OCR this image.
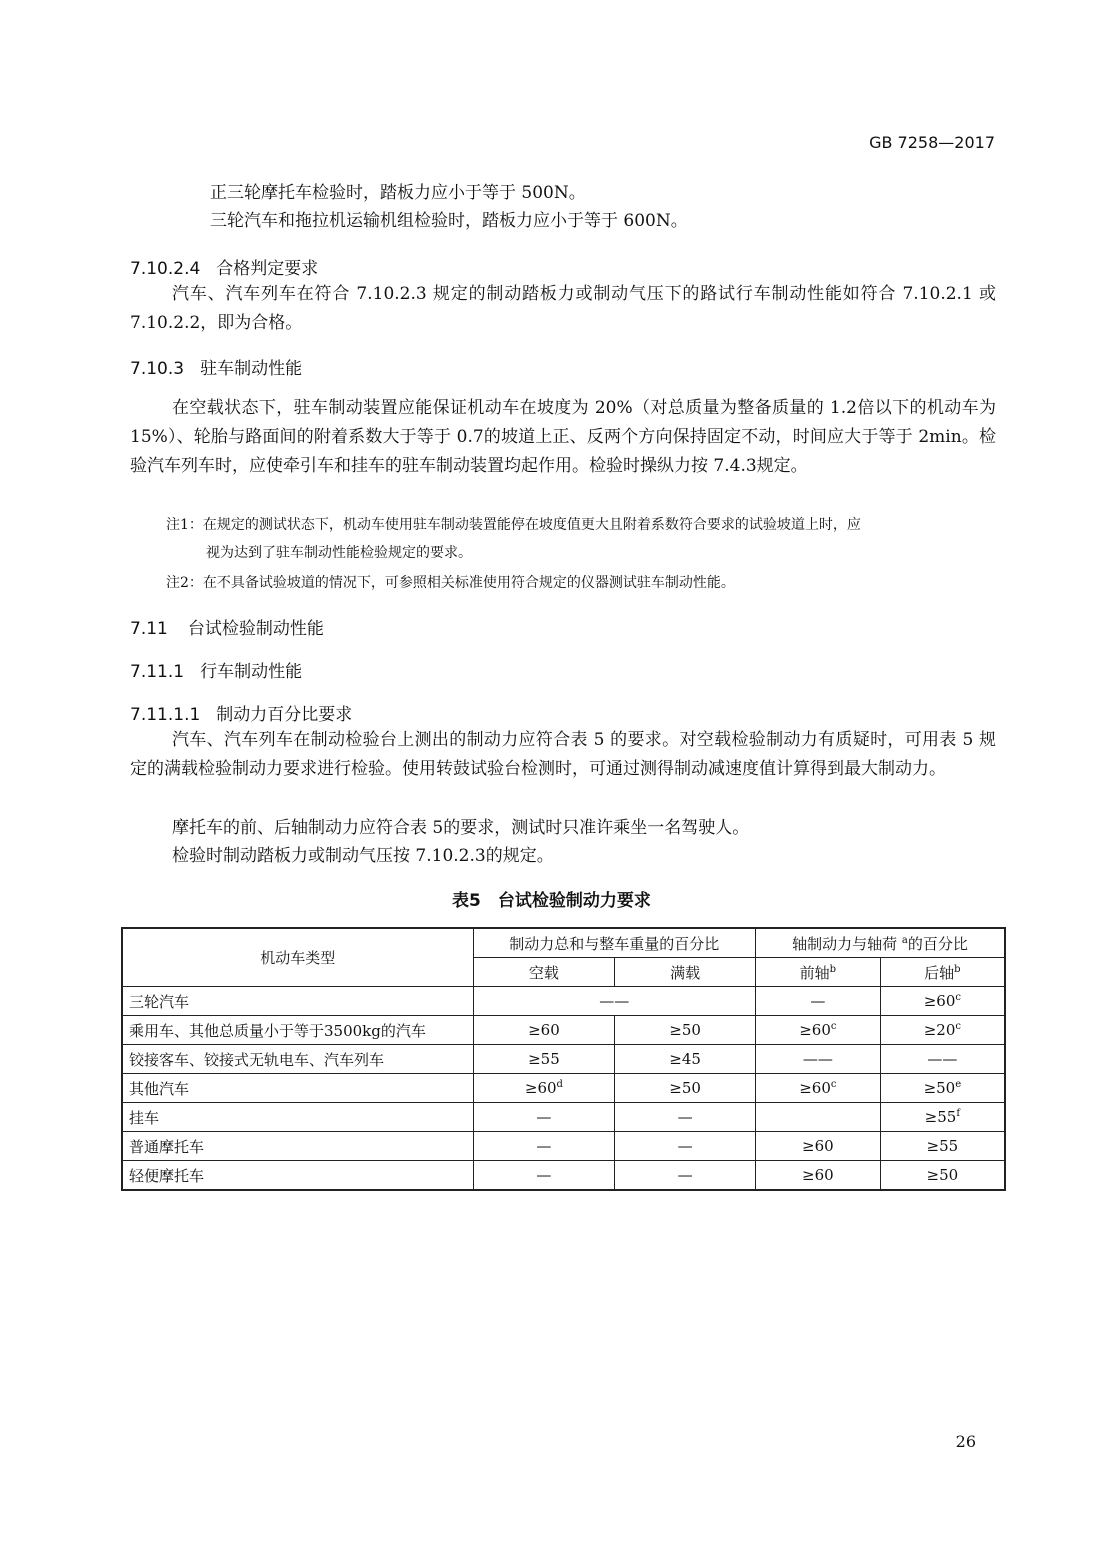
GB 7258—2017
正三轮摩托车检验时，踏板力应小于等于 500N。
三轮汽车和拖拉机运输机组检验时，踏板力应小于等于 600N。
7.10.2.4 合格判定要求
汽车、汽车列车在符合 7.10.2.3 规定的制动踏板力或制动气压下的路试行车制动性能如符合 7.10.2.1 或 7.10.2.2，即为合格。
7.10.3 驻车制动性能
在空载状态下，驻车制动装置应能保证机动车在坡度为 20%（对总质量为整备质量的 1.2倍以下的机动车为 15%）、轮胎与路面间的附着系数大于等于 0.7的坡道上正、反两个方向保持固定不动，时间应大于等于 2min。检验汽车列车时，应使牵引车和挂车的驻车制动装置均起作用。检验时操纵力按 7.4.3规定。
注1：在规定的测试状态下，机动车使用驻车制动装置能停在坡度值更大且附着系数符合要求的试验坡道上时，应
视为达到了驻车制动性能检验规定的要求。
注2：在不具备试验坡道的情况下，可参照相关标准使用符合规定的仪器测试驻车制动性能。
7.11 台试检验制动性能
7.11.1 行车制动性能
7.11.1.1 制动力百分比要求
汽车、汽车列车在制动检验台上测出的制动力应符合表 5 的要求。对空载检验制动力有质疑时，可用表 5 规定的满载检验制动力要求进行检验。使用转鼓试验台检测时，可通过测得制动减速度值计算得到最大制动力。
摩托车的前、后轴制动力应符合表 5的要求，测试时只准许乘坐一名驾驶人。
检验时制动踏板力或制动气压按 7.10.2.3的规定。
表5　台试检验制动力要求
机动车类型	制动力总和与整车重量的百分比		轴制动力与轴荷 $^a$的百分比	
	空载	满载	前轴$^b$	后轴$^b$
三轮汽车	——		—	$\ge 60^c$
乘用车、其他总质量小于等于3500kg的汽车	≥60	≥50	$\ge 60^c$	$\ge 20^c$
铰接客车、铰接式无轨电车、汽车列车	≥55	≥45	——	——
其他汽车	$\ge 60^d$	≥50	$\ge 60^c$	$\ge 50^e$
挂车	—	—		$\ge 55^f$
普通摩托车	—	—	≥60	≥55
轻便摩托车	—	—	≥60	≥50
26
